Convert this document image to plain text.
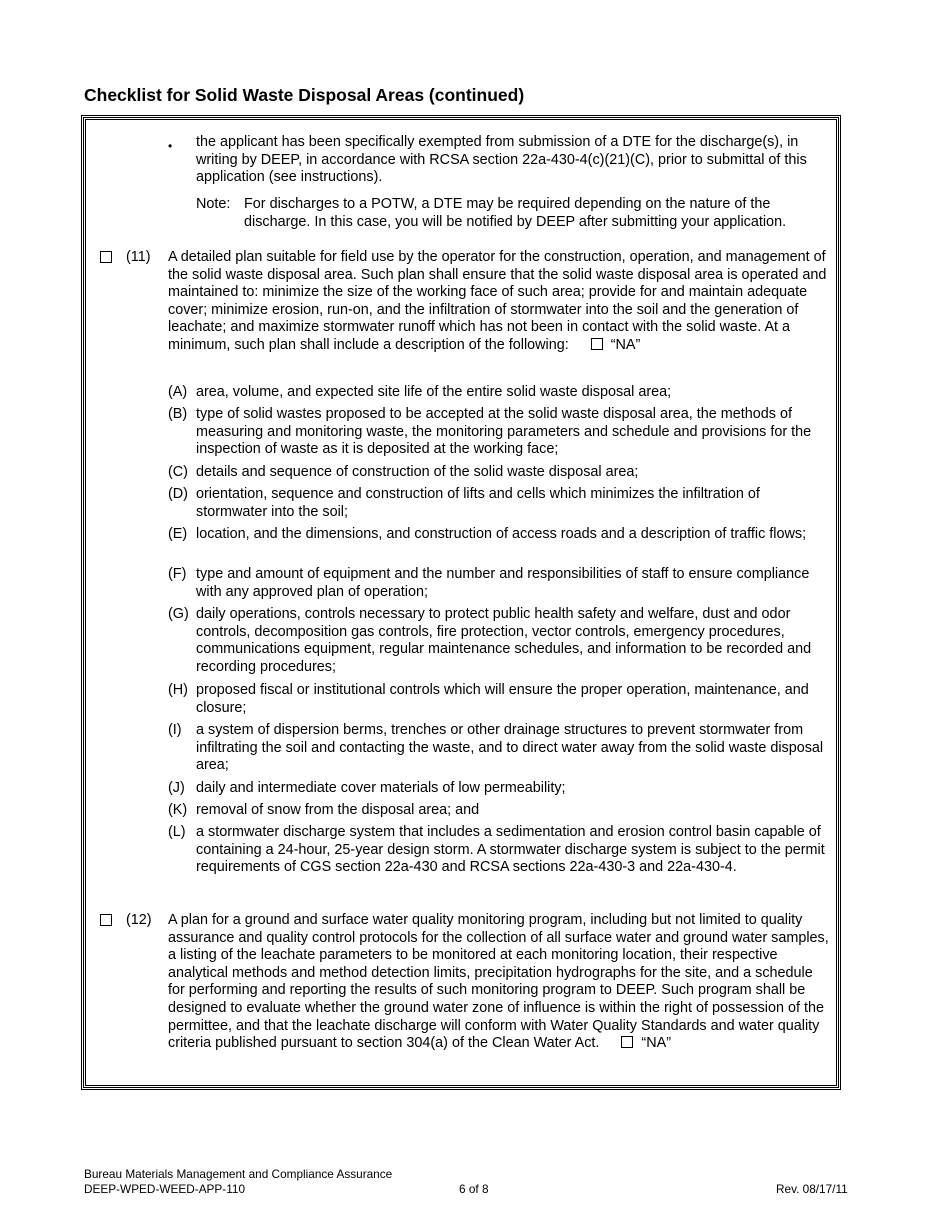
Checklist for Solid Waste Disposal Areas (continued)
• the applicant has been specifically exempted from submission of a DTE for the discharge(s), in writing by DEEP, in accordance with RCSA section 22a-430-4(c)(21)(C), prior to submittal of this application (see instructions).
Note: For discharges to a POTW, a DTE may be required depending on the nature of the discharge. In this case, you will be notified by DEEP after submitting your application.
(11) A detailed plan suitable for field use by the operator for the construction, operation, and management of the solid waste disposal area. Such plan shall ensure that the solid waste disposal area is operated and maintained to: minimize the size of the working face of such area; provide for and maintain adequate cover; minimize erosion, run-on, and the infiltration of stormwater into the soil and the generation of leachate; and maximize stormwater runoff which has not been in contact with the solid waste. At a minimum, such plan shall include a description of the following:	“NA”
(A) area, volume, and expected site life of the entire solid waste disposal area;
(B) type of solid wastes proposed to be accepted at the solid waste disposal area, the methods of measuring and monitoring waste, the monitoring parameters and schedule and provisions for the inspection of waste as it is deposited at the working face;
(C) details and sequence of construction of the solid waste disposal area;
(D) orientation, sequence and construction of lifts and cells which minimizes the infiltration of stormwater into the soil;
(E) location, and the dimensions, and construction of access roads and a description of traffic flows;
(F) type and amount of equipment and the number and responsibilities of staff to ensure compliance with any approved plan of operation;
(G) daily operations, controls necessary to protect public health safety and welfare, dust and odor controls, decomposition gas controls, fire protection, vector controls, emergency procedures, communications equipment, regular maintenance schedules, and information to be recorded and recording procedures;
(H) proposed fiscal or institutional controls which will ensure the proper operation, maintenance, and closure;
(I) a system of dispersion berms, trenches or other drainage structures to prevent stormwater from infiltrating the soil and contacting the waste, and to direct water away from the solid waste disposal area;
(J) daily and intermediate cover materials of low permeability;
(K) removal of snow from the disposal area; and
(L) a stormwater discharge system that includes a sedimentation and erosion control basin capable of containing a 24-hour, 25-year design storm. A stormwater discharge system is subject to the permit requirements of CGS section 22a-430 and RCSA sections 22a-430-3 and 22a-430-4.
(12) A plan for a ground and surface water quality monitoring program, including but not limited to quality assurance and quality control protocols for the collection of all surface water and ground water samples, a listing of the leachate parameters to be monitored at each monitoring location, their respective analytical methods and method detection limits, precipitation hydrographs for the site, and a schedule for performing and reporting the results of such monitoring program to DEEP. Such program shall be designed to evaluate whether the ground water zone of influence is within the right of possession of the permittee, and that the leachate discharge will conform with Water Quality Standards and water quality criteria published pursuant to section 304(a) of the Clean Water Act.	“NA”
Bureau Materials Management and Compliance Assurance
DEEP-WPED-WEED-APP-110	6 of 8	Rev. 08/17/11
